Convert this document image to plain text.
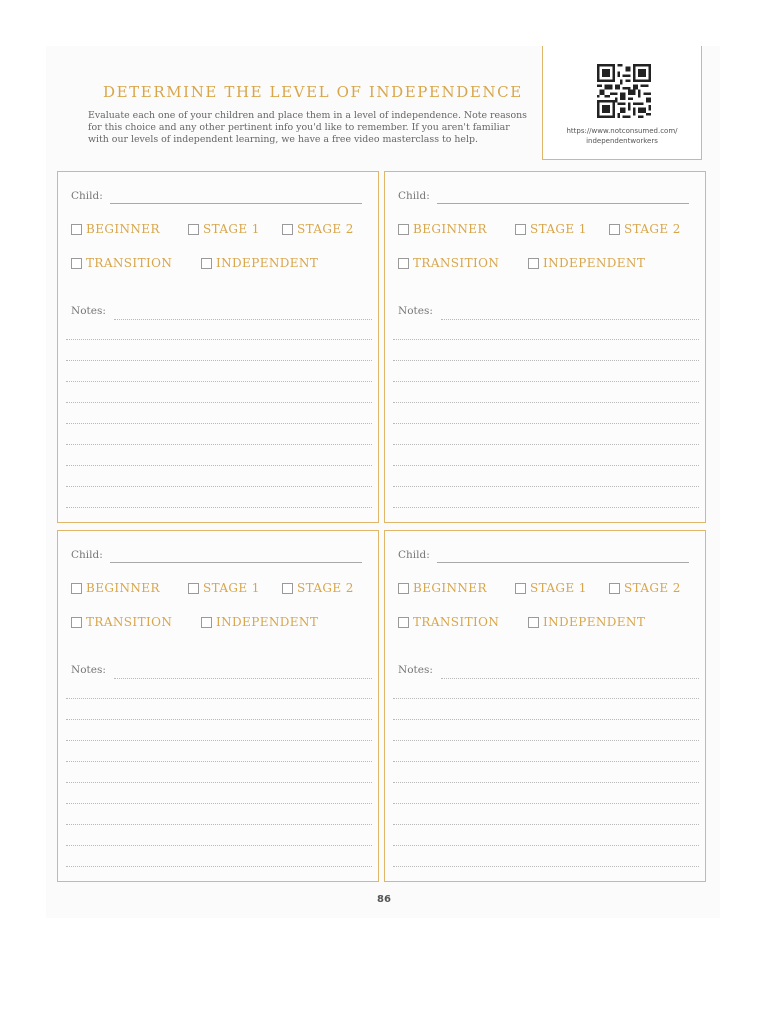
DETERMINE THE LEVEL OF INDEPENDENCE

Evaluate each one of your children and place them in a level of independence. Note reasons

for this choice and any other pertinent info you'd like to remember. If you aren't familiar

with our levels of independent learning, we have a free video masterclass to help.

https://www.notconsumed.com/
independentworkers
Child:
BEGINNER	STAGE 1	STAGE 2
TRANSITION	INDEPENDENT
Notes:
Child:
BEGINNER	STAGE 1	STAGE 2
TRANSITION	INDEPENDENT
Notes:
Child:
BEGINNER	STAGE 1	STAGE 2
TRANSITION	INDEPENDENT
Notes:
Child:
BEGINNER	STAGE 1	STAGE 2
TRANSITION	INDEPENDENT
Notes:
86
